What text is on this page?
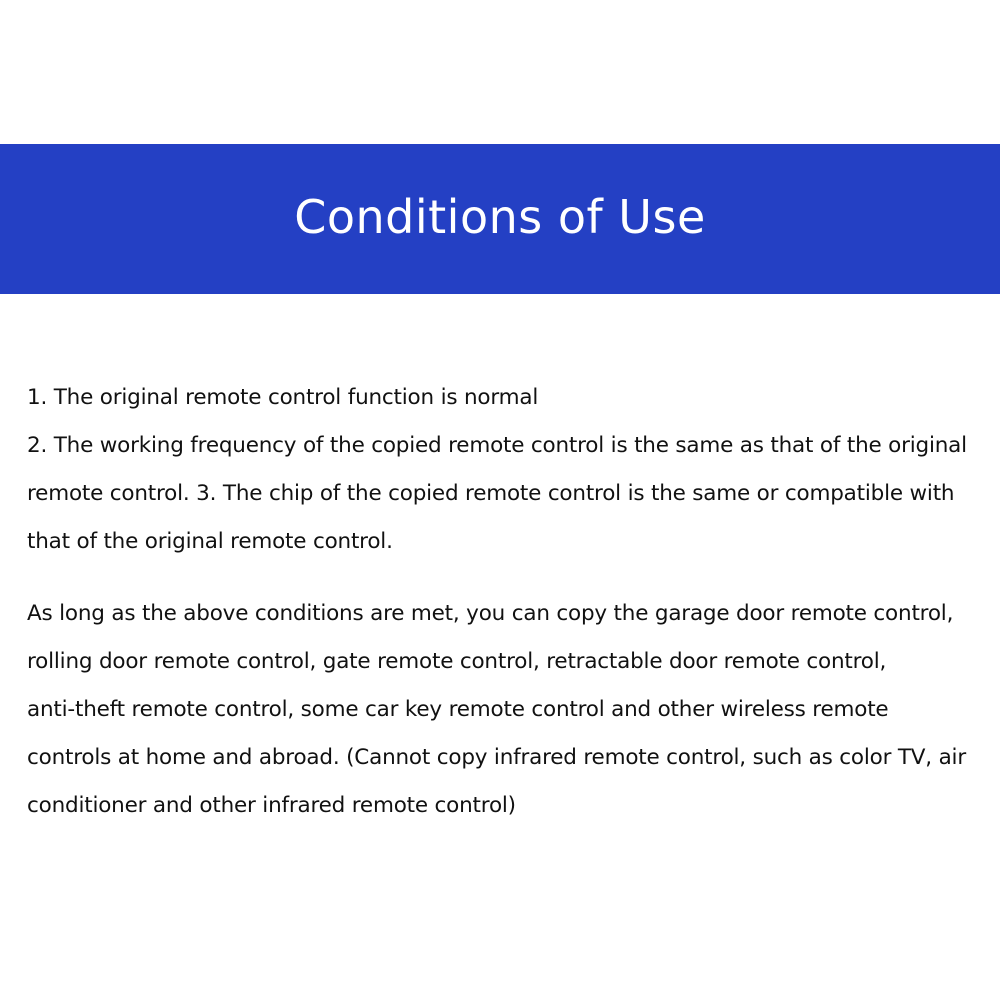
Conditions of Use

1. The original remote control function is normal
2. The working frequency of the copied remote control is the same as that of the original
remote control. 3. The chip of the copied remote control is the same or compatible with
that of the original remote control.

As long as the above conditions are met, you can copy the garage door remote control,
rolling door remote control, gate remote control, retractable door remote control,
anti-theft remote control, some car key remote control and other wireless remote
controls at home and abroad. (Cannot copy infrared remote control, such as color TV, air
conditioner and other infrared remote control)
